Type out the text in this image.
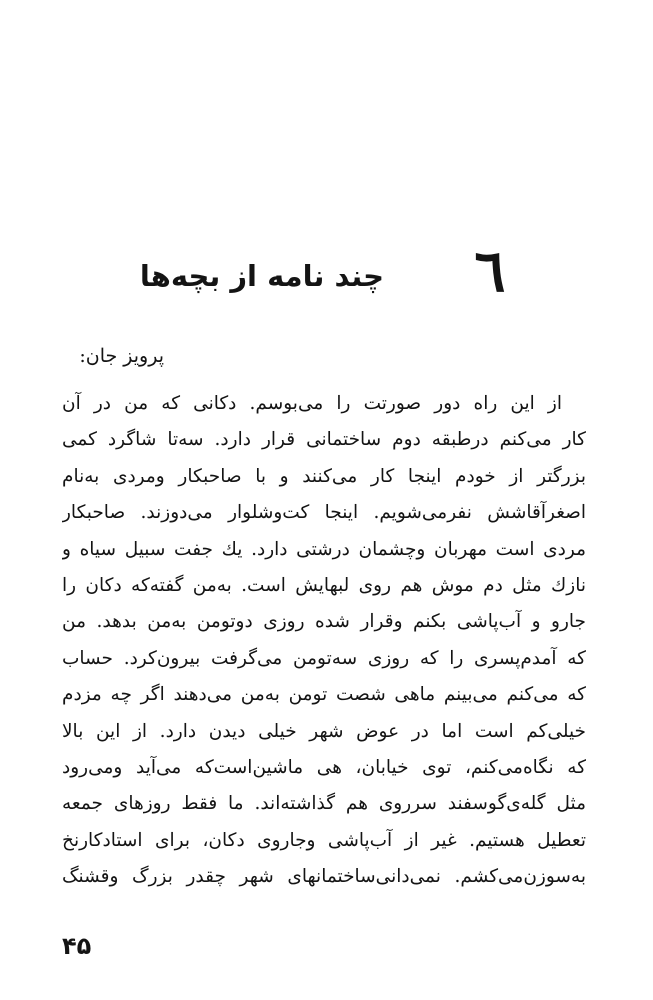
٦
چند نامه از بچه‌ها
پرویز جان:
از این راه دور صورتت را می‌بوسم. دکانی که من در آن
کار می‌کنم درطبقه دوم ساختمانی قرار دارد. سه‌تا شاگرد کمی
بزرگتر از خودم اینجا کار می‌کنند و با صاحبکار ومردی به‌نام
اصغرآقاشش نفرمی‌شویم. اینجا کت‌وشلوار می‌دوزند. صاحبکار
مردی است مهربان وچشمان درشتی دارد. یك جفت سبیل سیاه و
نازك مثل دم موش هم روی لبهایش است. به‌من گفته‌که دکان را
جارو و آب‌پاشی بکنم وقرار شده روزی دوتومن به‌من بدهد. من
که آمدم‌پسری را که روزی سه‌تومن می‌گرفت بیرون‌کرد. حساب
که می‌کنم می‌بینم ماهی شصت تومن به‌من می‌دهند اگر چه مزدم
خیلی‌کم است اما در عوض شهر خیلی دیدن دارد. از این بالا
که نگاه‌می‌کنم، توی خیابان، هی ماشین‌است‌که می‌آید ومی‌رود
مثل گله‌ی‌گوسفند سرروی هم گذاشته‌اند. ما فقط روزهای جمعه
تعطیل هستیم. غیر از آب‌پاشی وجاروی دکان، برای استادکارنخ
به‌سوزن‌می‌کشم. نمی‌دانی‌ساختمانهای شهر چقدر بزرگ وقشنگ
۴۵
